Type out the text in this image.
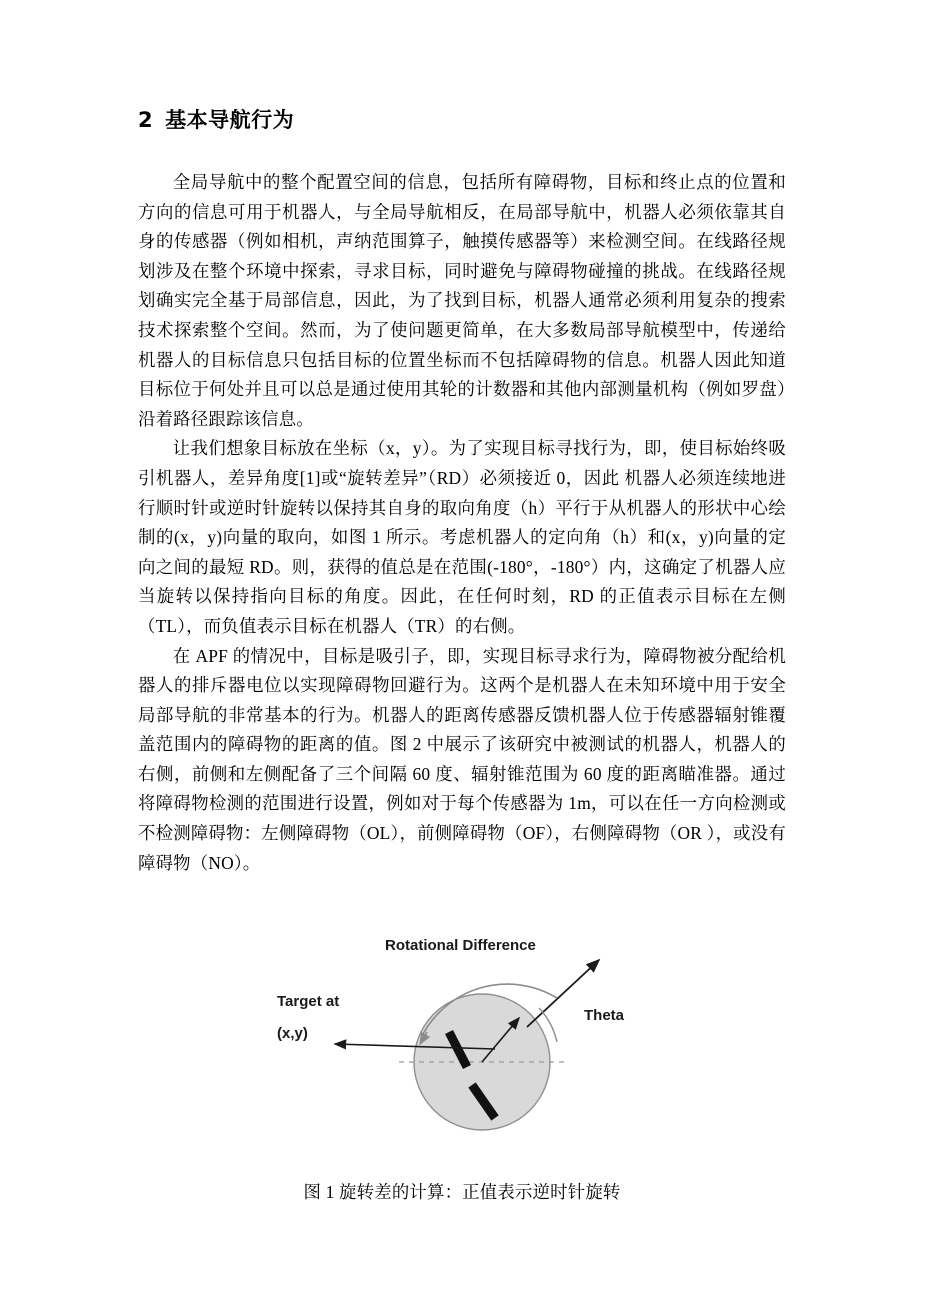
2 基本导航行为

全局导航中的整个配置空间的信息，包括所有障碍物，目标和终止点的位置和方向的信息可用于机器人，与全局导航相反，在局部导航中，机器人必须依靠其自身的传感器（例如相机，声纳范围算子，触摸传感器等）来检测空间。在线路径规划涉及在整个环境中探索，寻求目标，同时避免与障碍物碰撞的挑战。在线路径规划确实完全基于局部信息，因此，为了找到目标，机器人通常必须利用复杂的搜索技术探索整个空间。然而，为了使问题更简单，在大多数局部导航模型中，传递给机器人的目标信息只包括目标的位置坐标而不包括障碍物的信息。机器人因此知道目标位于何处并且可以总是通过使用其轮的计数器和其他内部测量机构（例如罗盘）沿着路径跟踪该信息。

让我们想象目标放在坐标（x，y）。为了实现目标寻找行为，即，使目标始终吸引机器人，差异角度[1]或“旋转差异”（RD）必须接近 0，因此 机器人必须连续地进行顺时针或逆时针旋转以保持其自身的取向角度（h）平行于从机器人的形状中心绘制的(x，y)向量的取向，如图 1 所示。考虑机器人的定向角（h）和(x，y)向量的定向之间的最短 RD。则，获得的值总是在范围(-180°，-180°）内，这确定了机器人应当旋转以保持指向目标的角度。因此，在任何时刻，RD 的正值表示目标在左侧（TL），而负值表示目标在机器人（TR）的右侧。

在 APF 的情况中，目标是吸引子，即，实现目标寻求行为，障碍物被分配给机器人的排斥器电位以实现障碍物回避行为。这两个是机器人在未知环境中用于安全局部导航的非常基本的行为。机器人的距离传感器反馈机器人位于传感器辐射锥覆盖范围内的障碍物的距离的值。图 2 中展示了该研究中被测试的机器人，机器人的右侧，前侧和左侧配备了三个间隔 60 度、辐射锥范围为 60 度的距离瞄准器。通过将障碍物检测的范围进行设置，例如对于每个传感器为 1m，可以在任一方向检测或不检测障碍物：左侧障碍物（OL），前侧障碍物（OF），右侧障碍物（OR ），或没有障碍物（NO）。

Rotational Difference
Target at
(x,y)
Theta
图 1 旋转差的计算：正值表示逆时针旋转
